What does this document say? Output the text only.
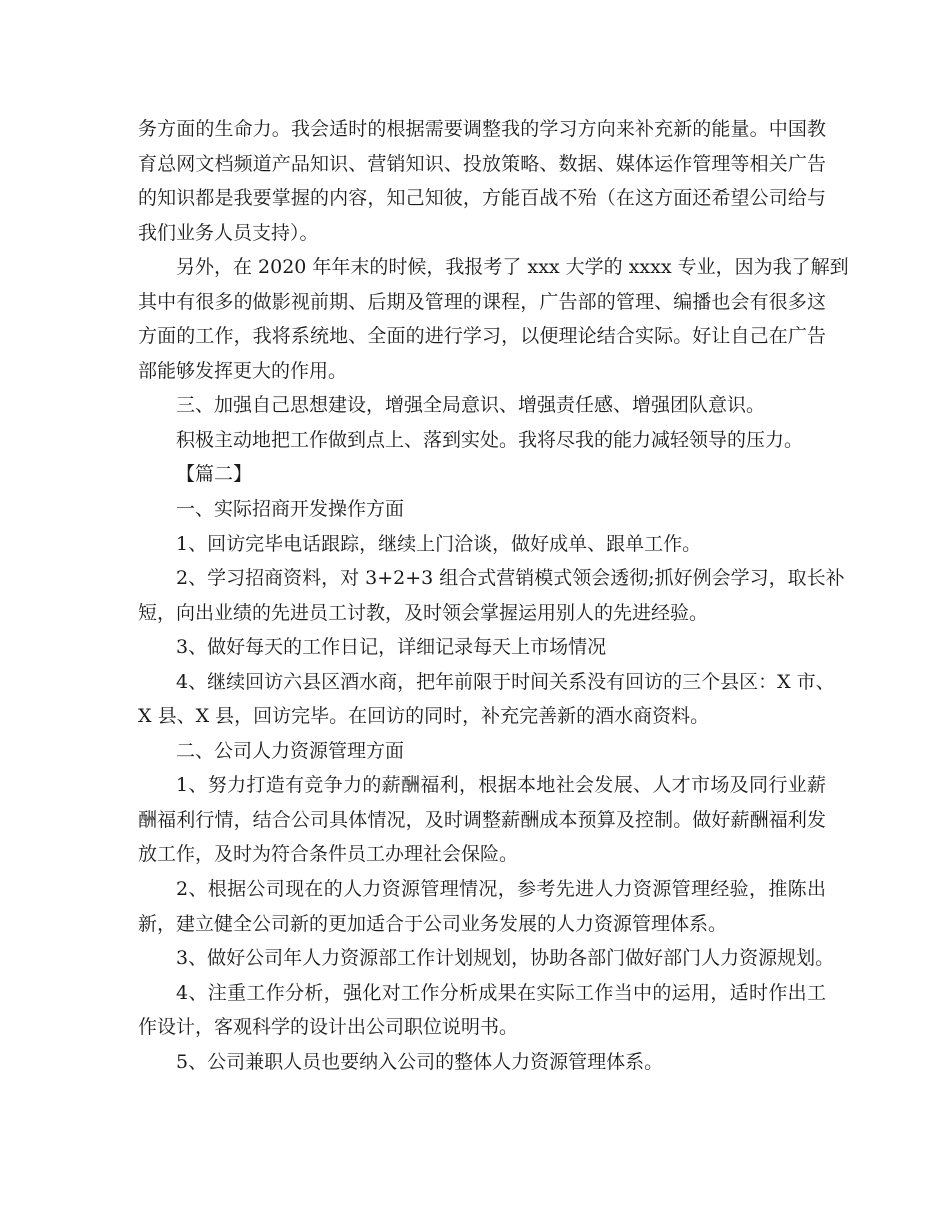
务方面的生命力。我会适时的根据需要调整我的学习方向来补充新的能量。中国教
育总网文档频道产品知识、营销知识、投放策略、数据、媒体运作管理等相关广告
的知识都是我要掌握的内容，知己知彼，方能百战不殆（在这方面还希望公司给与
我们业务人员支持）。
另外，在 2020 年年末的时候，我报考了 xxx 大学的 xxxx 专业，因为我了解到
其中有很多的做影视前期、后期及管理的课程，广告部的管理、编播也会有很多这
方面的工作，我将系统地、全面的进行学习，以便理论结合实际。好让自己在广告
部能够发挥更大的作用。
三、加强自己思想建设，增强全局意识、增强责任感、增强团队意识。
积极主动地把工作做到点上、落到实处。我将尽我的能力减轻领导的压力。
【篇二】
一、实际招商开发操作方面
1、回访完毕电话跟踪，继续上门洽谈，做好成单、跟单工作。
2、学习招商资料，对 3+2+3 组合式营销模式领会透彻;抓好例会学习，取长补
短，向出业绩的先进员工讨教，及时领会掌握运用别人的先进经验。
3、做好每天的工作日记，详细记录每天上市场情况
4、继续回访六县区酒水商，把年前限于时间关系没有回访的三个县区：X 市、
X 县、X 县，回访完毕。在回访的同时，补充完善新的酒水商资料。
二、公司人力资源管理方面
1、努力打造有竞争力的薪酬福利，根据本地社会发展、人才市场及同行业薪
酬福利行情，结合公司具体情况，及时调整薪酬成本预算及控制。做好薪酬福利发
放工作，及时为符合条件员工办理社会保险。
2、根据公司现在的人力资源管理情况，参考先进人力资源管理经验，推陈出
新，建立健全公司新的更加适合于公司业务发展的人力资源管理体系。
3、做好公司年人力资源部工作计划规划，协助各部门做好部门人力资源规划。
4、注重工作分析，强化对工作分析成果在实际工作当中的运用，适时作出工
作设计，客观科学的设计出公司职位说明书。
5、公司兼职人员也要纳入公司的整体人力资源管理体系。
